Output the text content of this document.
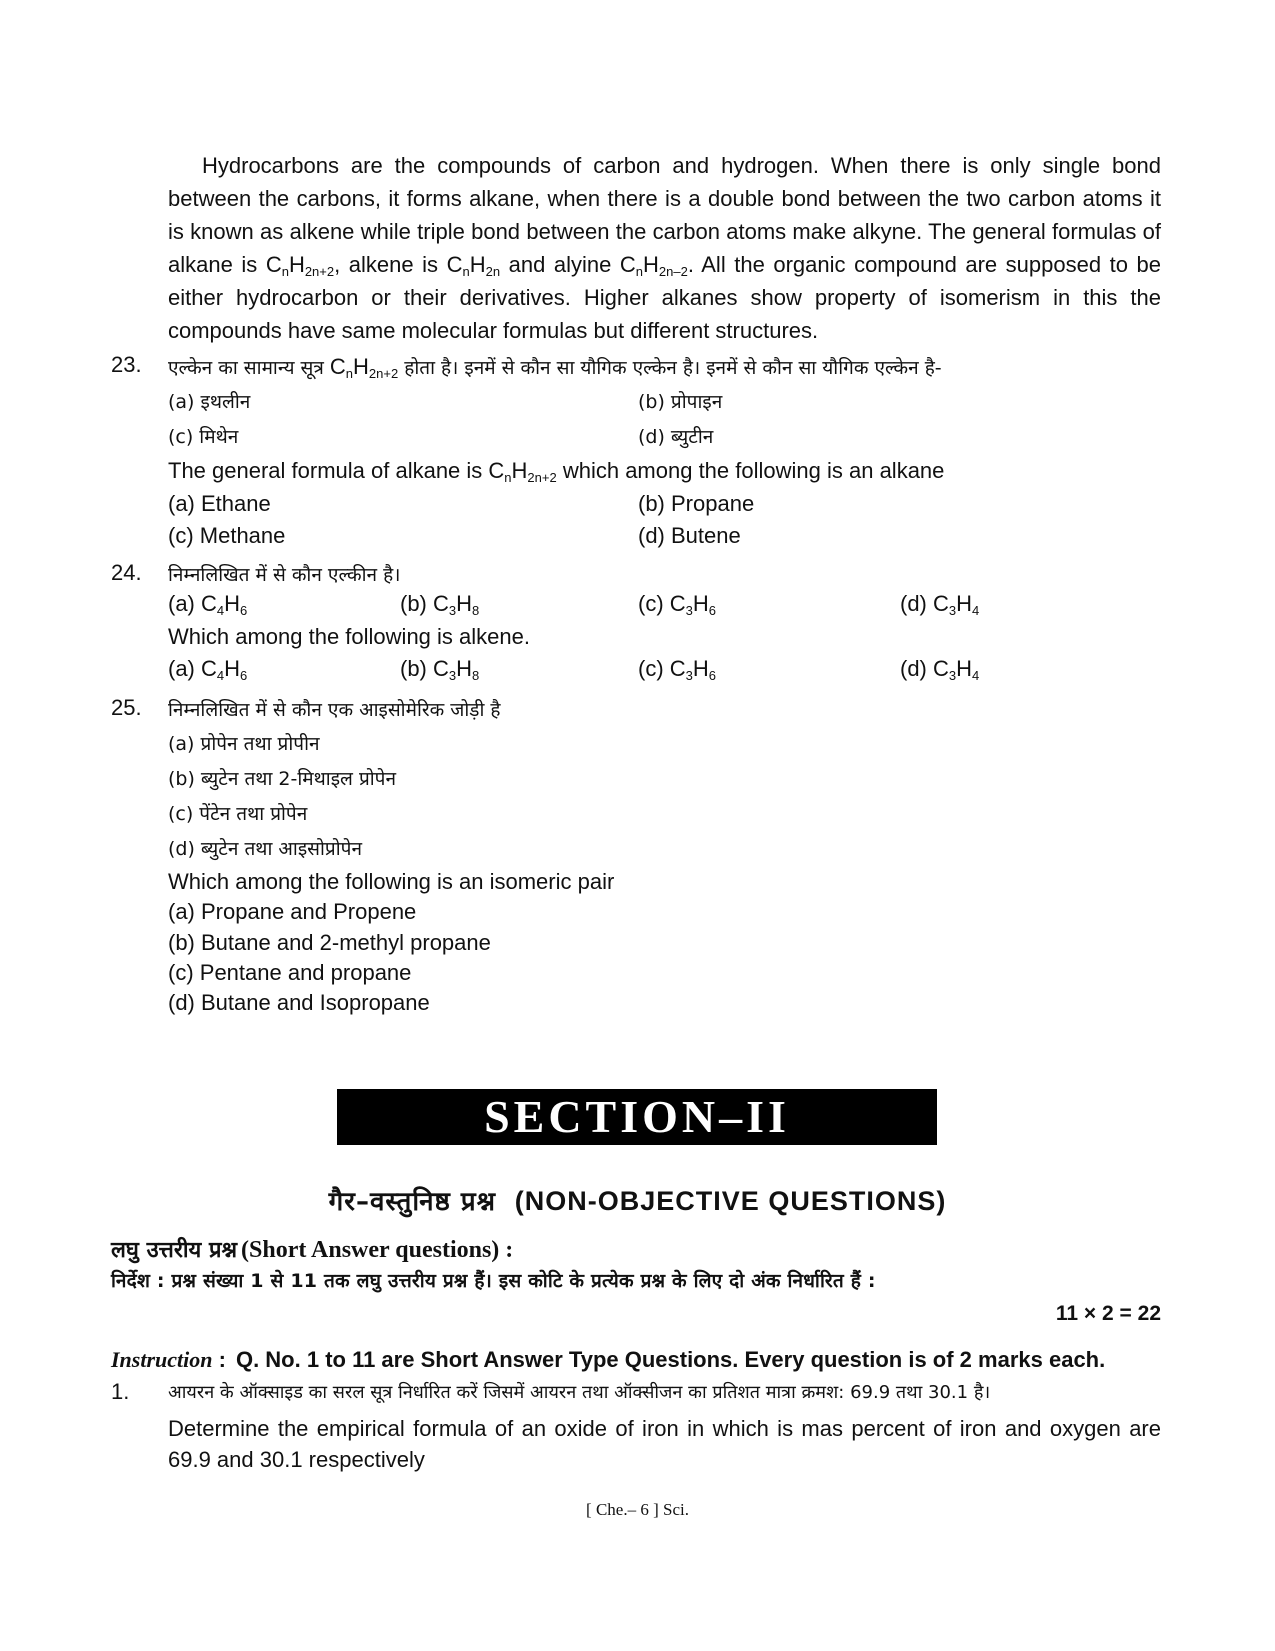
Hydrocarbons are the compounds of carbon and hydrogen. When there is only single bond between the carbons, it forms alkane, when there is a double bond between the two carbon atoms it is known as alkene while triple bond between the carbon atoms make alkyne. The general formulas of alkane is $C_nH_{2n+2}$, alkene is $C_nH_{2n}$ and alyine $C_nH_{2n-2}$. All the organic compound are supposed to be either hydrocarbon or their derivatives. Higher alkanes show property of isomerism in this the compounds have same molecular formulas but different structures.

23. एल्केन का सामान्य सूत्र $C_nH_{2n+2}$ होता है। इनमें से कौन सा यौगिक एल्केन है। इनमें से कौन सा यौगिक एल्केन है-
(a) इथलीन	(b) प्रोपाइन
(c) मिथेन	(d) ब्युटीन
The general formula of alkane is $C_nH_{2n+2}$ which among the following is an alkane
(a) Ethane	(b) Propane
(c) Methane	(d) Butene
24. निम्नलिखित में से कौन एल्कीन है।
(a) $C_4H_6$	(b) $C_3H_8$	(c) $C_3H_6$	(d) $C_3H_4$
Which among the following is alkene.
(a) $C_4H_6$	(b) $C_3H_8$	(c) $C_3H_6$	(d) $C_3H_4$
25. निम्नलिखित में से कौन एक आइसोमेरिक जोड़ी है
(a) प्रोपेन तथा प्रोपीन
(b) ब्युटेन तथा 2-मिथाइल प्रोपेन
(c) पेंटेन तथा प्रोपेन
(d) ब्युटेन तथा आइसोप्रोपेन
Which among the following is an isomeric pair
(a) Propane and Propene
(b) Butane and 2-methyl propane
(c) Pentane and propane
(d) Butane and Isopropane
SECTION–II
गैर–वस्तुनिष्ठ प्रश्न (NON-OBJECTIVE QUESTIONS)
लघु उत्तरीय प्रश्न (Short Answer questions) :
निर्देश : प्रश्न संख्या 1 से 11 तक लघु उत्तरीय प्रश्न हैं। इस कोटि के प्रत्येक प्रश्न के लिए दो अंक निर्धारित हैं :
11 × 2 = 22
Instruction : Q. No. 1 to 11 are Short Answer Type Questions. Every question is of 2 marks each.
1. आयरन के ऑक्साइड का सरल सूत्र निर्धारित करें जिसमें आयरन तथा ऑक्सीजन का प्रतिशत मात्रा क्रमश: 69.9 तथा 30.1 है।
Determine the empirical formula of an oxide of iron in which is mas percent of iron and oxygen are 69.9 and 30.1 respectively
[ Che.– 6 ] Sci.
